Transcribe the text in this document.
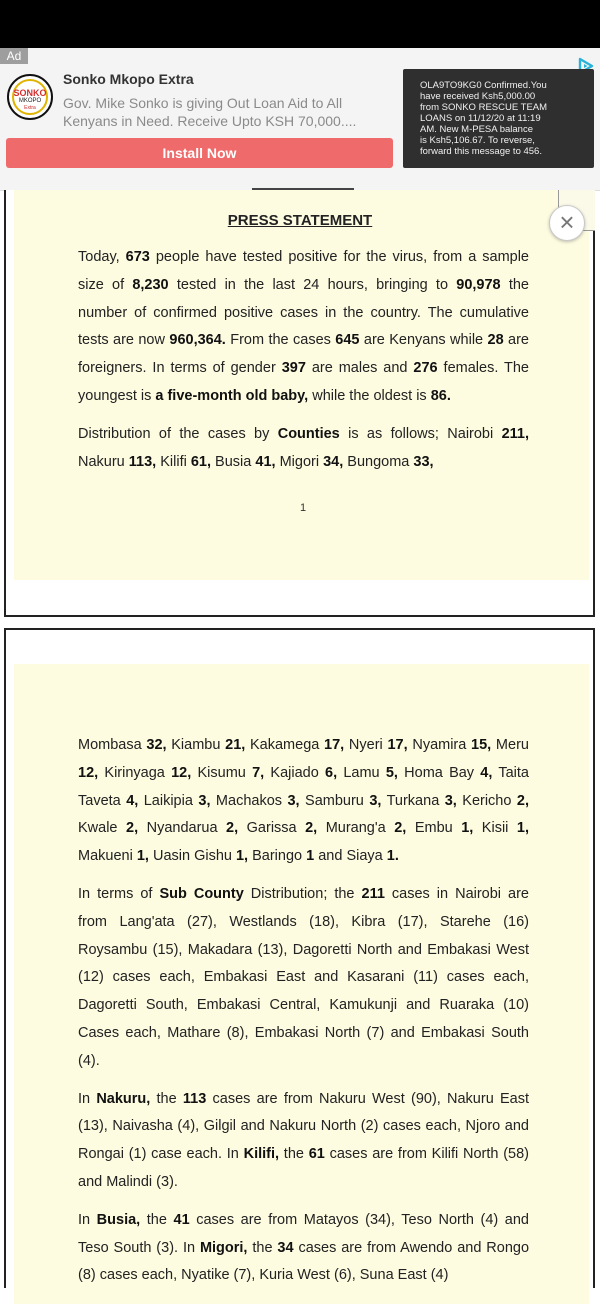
Ad
SONKO
MKOPO
Extra
Sonko Mkopo Extra
Gov. Mike Sonko is giving Out Loan Aid to All Kenyans in Need. Receive Upto KSH 70,000....
Install Now
OLA9TO9KG0 Confirmed.You
have received Ksh5,000.00
from SONKO RESCUE TEAM
LOANS on 11/12/20 at 11:19
AM. New M-PESA balance
is Ksh5,106.67. To reverse,
forward this message to 456.
PRESS STATEMENT

Today, 673 people have tested positive for the virus, from a sample size of 8,230 tested in the last 24 hours, bringing to 90,978 the number of confirmed positive cases in the country. The cumulative tests are now 960,364. From the cases 645 are Kenyans while 28 are foreigners. In terms of gender 397 are males and 276 females. The youngest is a five-month old baby, while the oldest is 86.

Distribution of the cases by Counties is as follows; Nairobi 211, Nakuru 113, Kilifi 61, Busia 41, Migori 34, Bungoma 33,

1

Mombasa 32, Kiambu 21, Kakamega 17, Nyeri 17, Nyamira 15, Meru 12, Kirinyaga 12, Kisumu 7, Kajiado 6, Lamu 5, Homa Bay 4, Taita Taveta 4, Laikipia 3, Machakos 3, Samburu 3, Turkana 3, Kericho 2, Kwale 2, Nyandarua 2, Garissa 2, Murang'a 2, Embu 1, Kisii 1, Makueni 1, Uasin Gishu 1, Baringo 1 and Siaya 1.

In terms of Sub County Distribution; the 211 cases in Nairobi are from Lang'ata (27), Westlands (18), Kibra (17), Starehe (16) Roysambu (15), Makadara (13), Dagoretti North and Embakasi West (12) cases each, Embakasi East and Kasarani (11) cases each, Dagoretti South, Embakasi Central, Kamukunji and Ruaraka (10) Cases each, Mathare (8), Embakasi North (7) and Embakasi South (4).

In Nakuru, the 113 cases are from Nakuru West (90), Nakuru East (13), Naivasha (4), Gilgil and Nakuru North (2) cases each, Njoro and Rongai (1) case each. In Kilifi, the 61 cases are from Kilifi North (58) and Malindi (3).

In Busia, the 41 cases are from Matayos (34), Teso North (4) and Teso South (3). In Migori, the 34 cases are from Awendo and Rongo (8) cases each, Nyatike (7), Kuria West (6), Suna East (4)

×
